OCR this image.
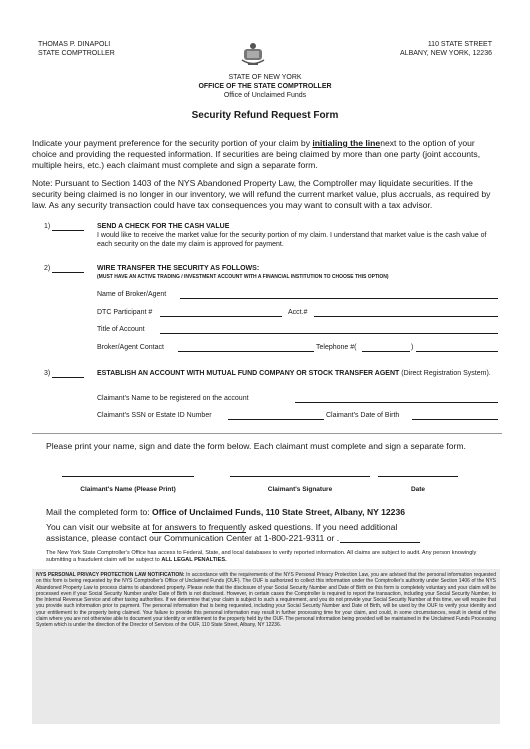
THOMAS P. DINAPOLI
STATE COMPTROLLER
110 STATE STREET
ALBANY, NEW YORK, 12236
STATE OF NEW YORK
OFFICE OF THE STATE COMPTROLLER
Office of Unclaimed Funds
Security Refund Request Form
Indicate your payment preference for the security portion of your claim by initialing the linenext to the option of your choice and providing the requested information. If securities are being claimed by more than one party (joint accounts, multiple heirs, etc.) each claimant must complete and sign a separate form.
Note: Pursuant to Section 1403 of the NYS Abandoned Property Law, the Comptroller may liquidate securities. If the security being claimed is no longer in our inventory, we will refund the current market value, plus accruals, as required by law. As any security transaction could have tax consequences you may want to consult with a tax advisor.
1)	SEND A CHECK FOR THE CASH VALUE
I would like to receive the market value for the security portion of my claim. I understand that market value is the cash value of each security on the date my claim is approved for payment.
2)	WIRE TRANSFER THE SECURITY AS FOLLOWS:
(MUST HAVE AN ACTIVE TRADING / INVESTMENT ACCOUNT WITH A FINANCIAL INSTITUTION TO CHOOSE THIS OPTION)
Name of Broker/Agent
DTC Participant #	Acct.#
Title of Account
Broker/Agent Contact	Telephone #(	)
3)	ESTABLISH AN ACCOUNT WITH MUTUAL FUND COMPANY OR STOCK TRANSFER AGENT (Direct Registration System).
Claimant's Name to be registered on the account
Claimant's SSN or Estate ID Number	Claimant's Date of Birth
Please print your name, sign and date the form below. Each claimant must complete and sign a separate form.
Claimant's Name (Please Print)	Claimant's Signature	Date
Mail the completed form to: Office of Unclaimed Funds, 110 State Street, Albany, NY 12236
You can visit our website at for answers to frequently asked questions. If you need additional
assistance, please contact our Communication Center at 1-800-221-9311 or .
The New York State Comptroller's Office has access to Federal, State, and local databases to verify reported information. All claims are subject to audit. Any person knowingly submitting a fraudulent claim will be subject to ALL LEGAL PENALTIES.
NYS PERSONAL PRIVACY PROTECTION LAW NOTIFICATION: In accordance with the requirements of the NYS Personal Privacy Protection Law, you are advised that the personal information requested on this form is being requested by the NYS Comptroller's Office of Unclaimed Funds (OUF). The OUF is authorized to collect this information under the Comptroller's authority under Section 1406 of the NYS Abandoned Property Law to process claims to abandoned property. Please note that the disclosure of your Social Security Number and Date of Birth on this form is completely voluntary and your claim will be processed even if your Social Security Number and/or Date of Birth is not disclosed. However, in certain cases the Comptroller is required to report the transaction, including your Social Security Number, to the Internal Revenue Service and other taxing authorities. If we determine that your claim is subject to such a requirement, and you do not provide your Social Security Number at this time, we will require that you provide such information prior to payment. The personal information that is being requested, including your Social Security Number and Date of Birth, will be used by the OUF to verify your identity and your entitlement to the property being claimed. Your failure to provide this personal information may result in further processing time for your claim, and could, in some circumstances, result in denial of the claim where you are not otherwise able to document your identity or entitlement to the property held by the OUF. The personal information being provided will be maintained in the Unclaimed Funds Processing System which is under the direction of the Director of Services of the OUF, 110 State Street, Albany, NY 12236.
